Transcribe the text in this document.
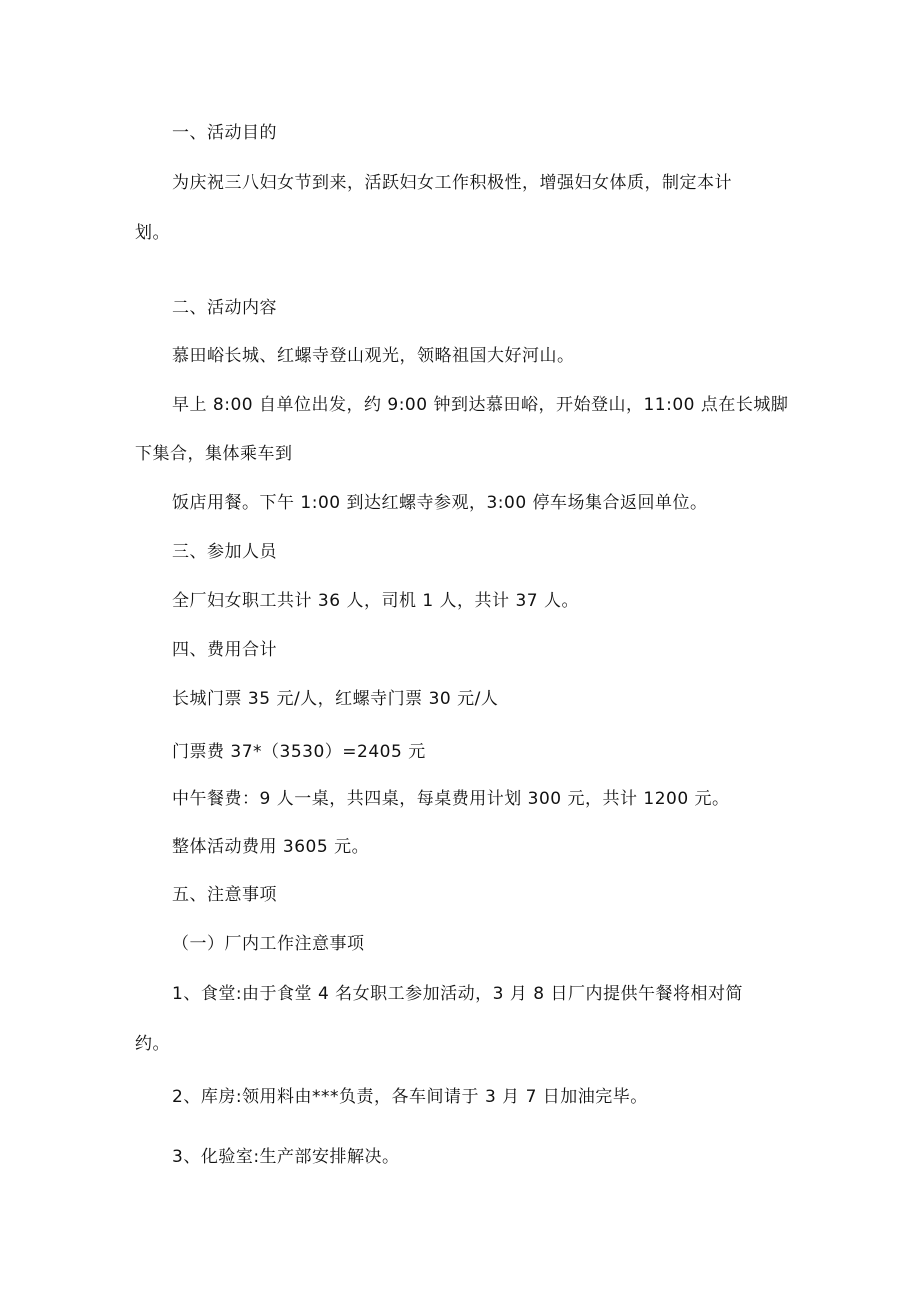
一、活动目的
为庆祝三八妇女节到来，活跃妇女工作积极性，增强妇女体质，制定本计
划。
二、活动内容
慕田峪长城、红螺寺登山观光，领略祖国大好河山。
早上 8:00 自单位出发，约 9:00 钟到达慕田峪，开始登山，11:00 点在长城脚
下集合，集体乘车到
饭店用餐。下午 1:00 到达红螺寺参观，3:00 停车场集合返回单位。
三、参加人员
全厂妇女职工共计 36 人，司机 1 人，共计 37 人。
四、费用合计
长城门票 35 元/人，红螺寺门票 30 元/人
门票费 37*（3530）=2405 元
中午餐费：9 人一桌，共四桌，每桌费用计划 300 元，共计 1200 元。
整体活动费用 3605 元。
五、注意事项
（一）厂内工作注意事项
1、食堂:由于食堂 4 名女职工参加活动，3 月 8 日厂内提供午餐将相对简
约。
2、库房:领用料由***负责，各车间请于 3 月 7 日加油完毕。
3、化验室:生产部安排解决。
